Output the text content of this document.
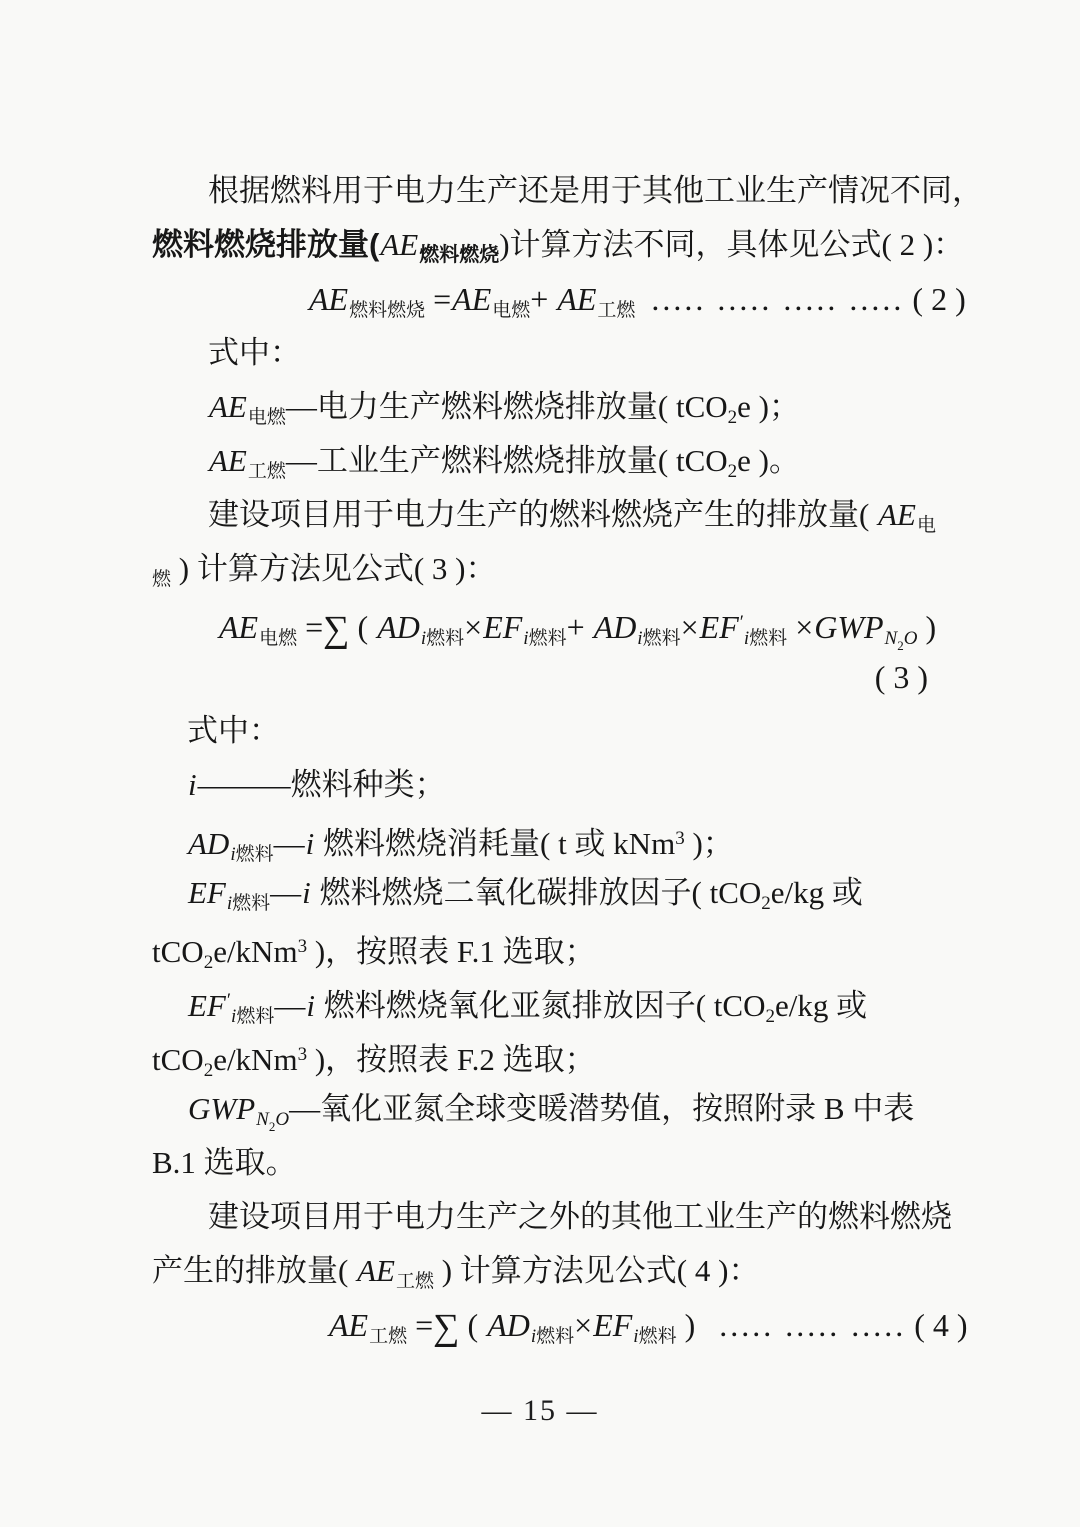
根据燃料用于电力生产还是用于其他工业生产情况不同，
燃料燃烧排放量(AE燃料燃烧)计算方法不同，具体见公式( 2 )：
AE燃料燃烧 =AE电燃+ AE工燃 ..... ..... ..... ..... ( 2 )
式中：
AE电燃—电力生产燃料燃烧排放量( tCO2e )；
AE工燃—工业生产燃料燃烧排放量( tCO2e )。
建设项目用于电力生产的燃料燃烧产生的排放量( AE电
燃 ) 计算方法见公式( 3 )：
AE电燃 =∑ ( ADi燃料×EFi燃料+ ADi燃料×EF′i燃料 $\times GWPN_2O$ )
( 3 )
式中：
i———燃料种类；
ADi燃料—i 燃料燃烧消耗量( t 或 kNm$^3$ )；
EFi燃料—i 燃料燃烧二氧化碳排放因子( tCO2e/kg 或
tCO2e/kNm$^3$ )，按照表 F.1 选取；
EF′i燃料—i 燃料燃烧氧化亚氮排放因子( tCO2e/kg 或
tCO2e/kNm$^3$ )，按照表 F.2 选取；
$GWPN_2O—$氧化亚氮全球变暖潜势值，按照附录 B 中表
B.1 选取。
建设项目用于电力生产之外的其他工业生产的燃料燃烧
产生的排放量( AE工燃 ) 计算方法见公式( 4 )：
AE工燃 =∑ ( ADi燃料×EFi燃料 ) ..... ..... ..... ( 4 )
— 15 —
